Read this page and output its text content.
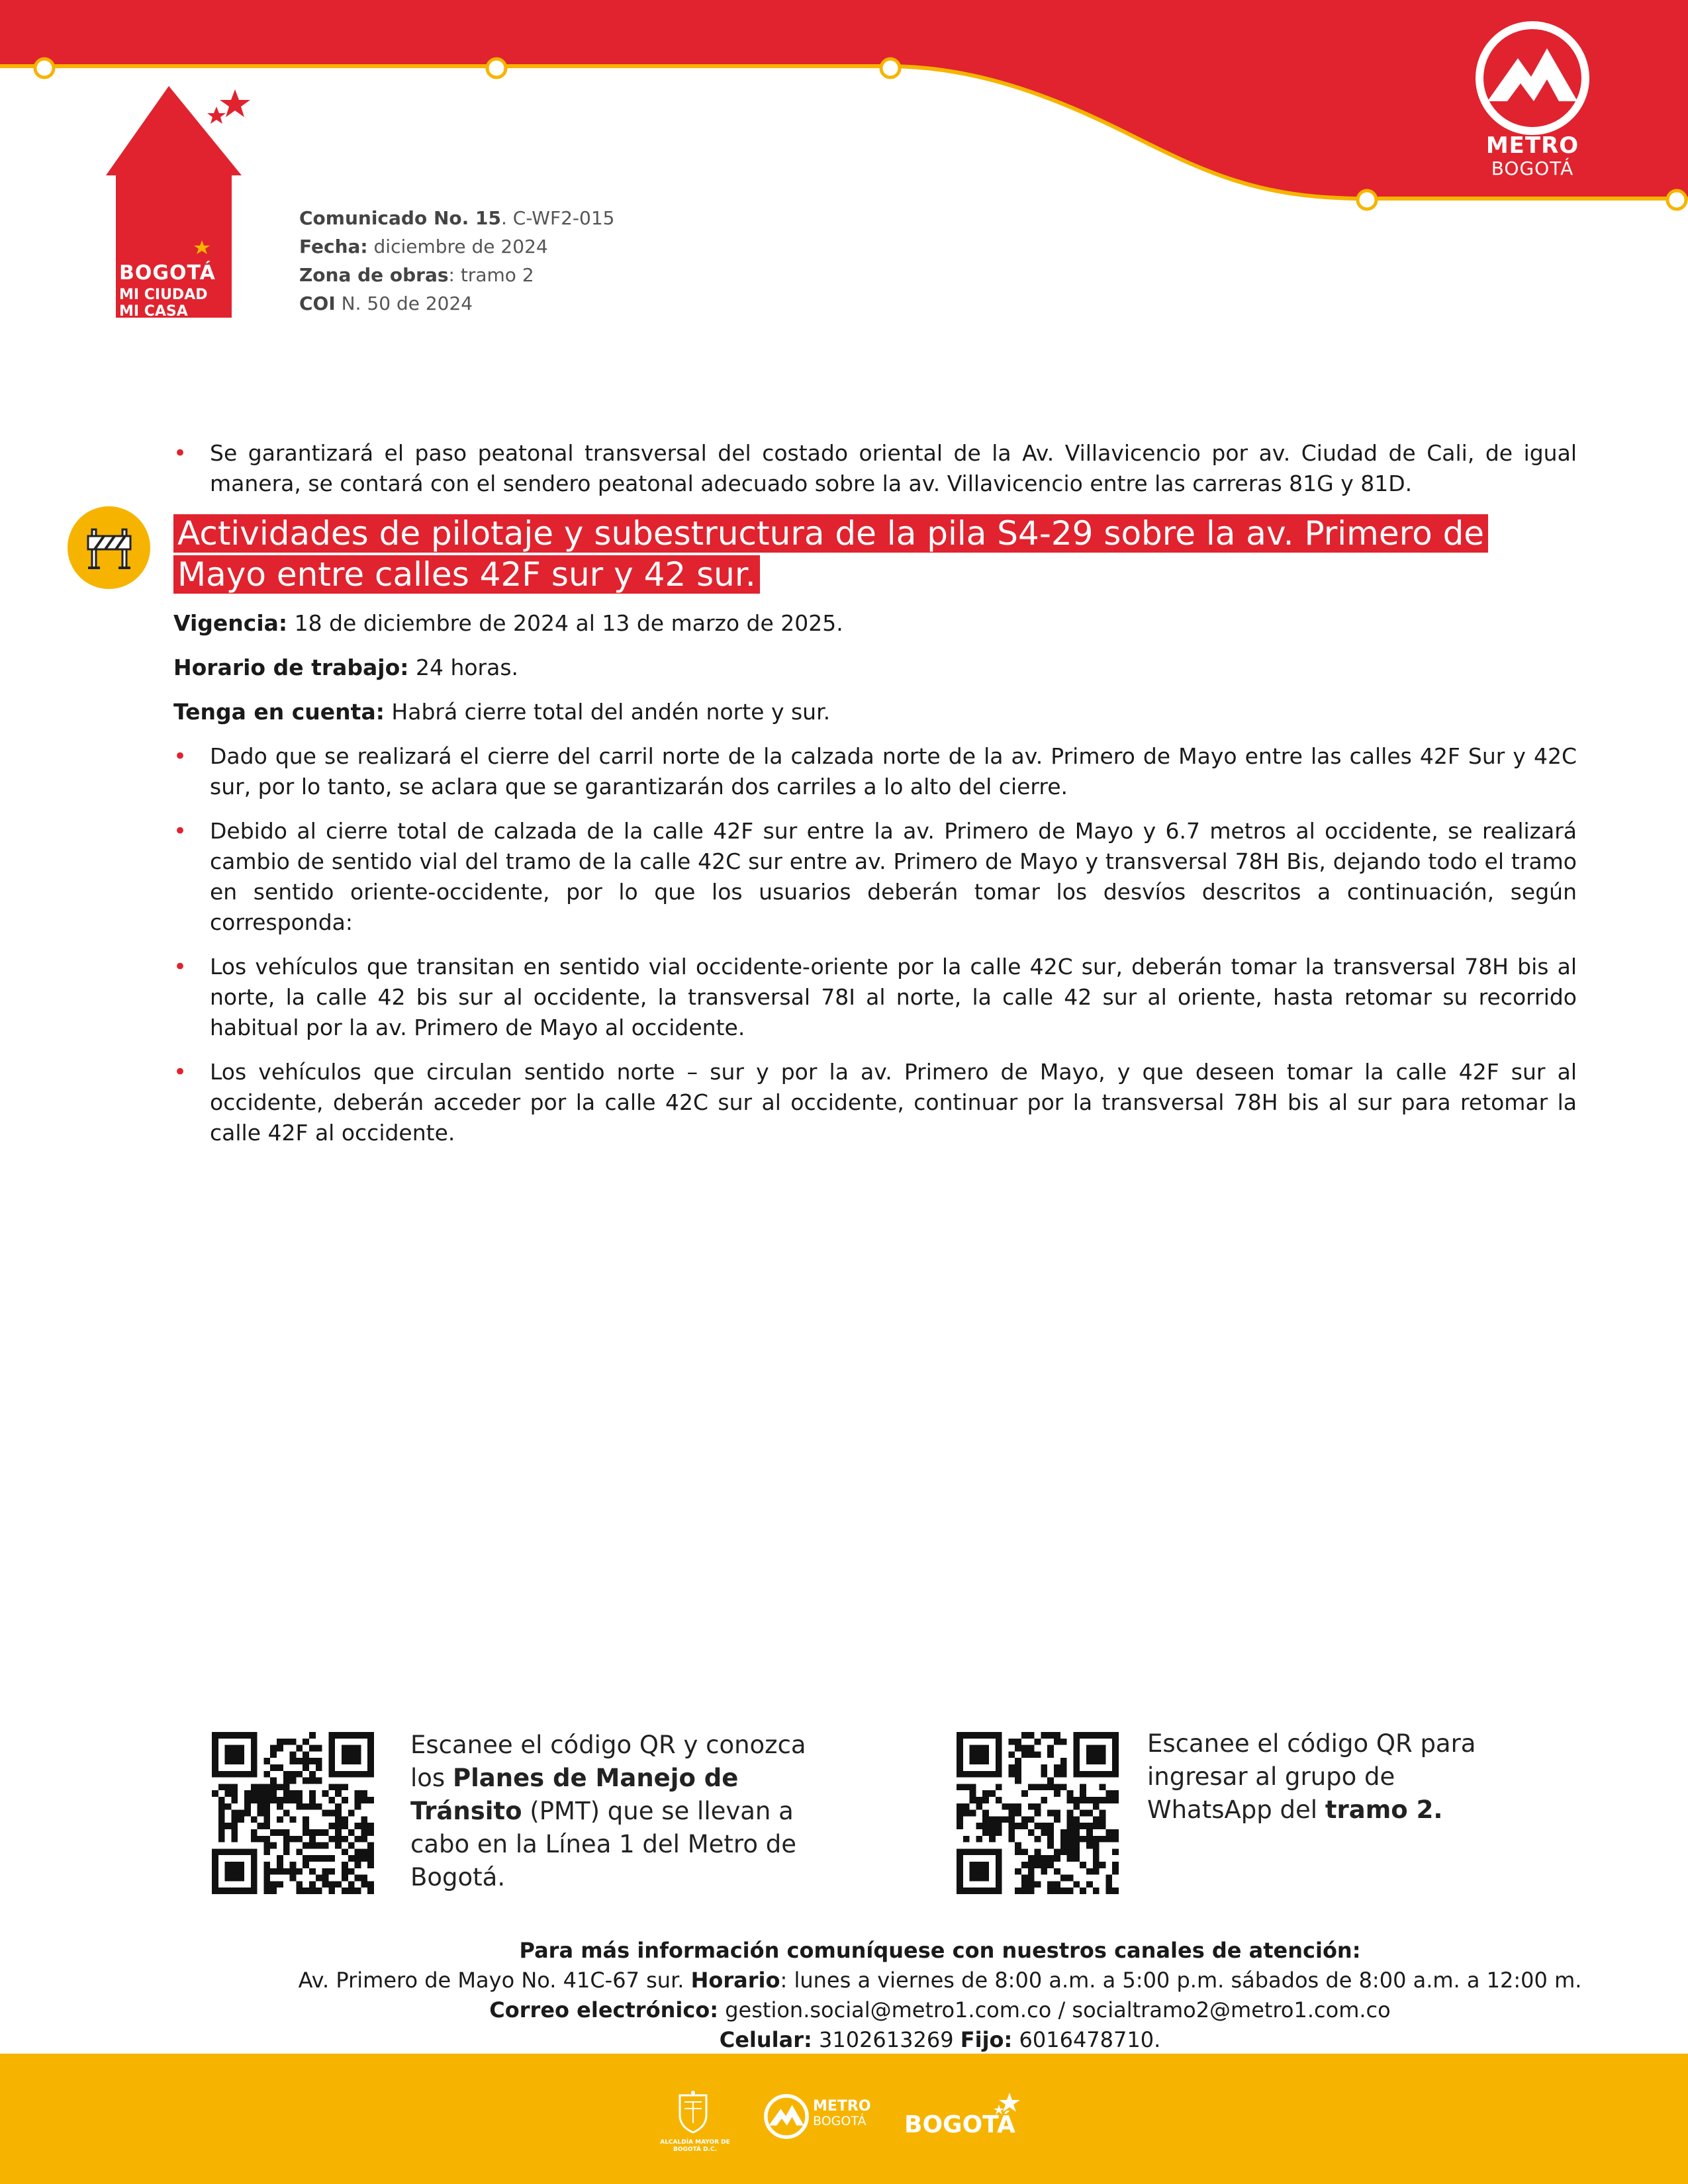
BOGOTÁ
MI CIUDAD
MI CASA
METRO
BOGOTÁ
Comunicado No. 15. C-WF2-015
Fecha: diciembre de 2024
Zona de obras: tramo 2
COI N. 50 de 2024
• Se garantizará el paso peatonal transversal del costado oriental de la Av. Villavicencio por av. Ciudad de Cali, de igual manera, se contará con el sendero peatonal adecuado sobre la av. Villavicencio entre las carreras 81G y 81D.
Actividades de pilotaje y subestructura de la pila S4-29 sobre la av. Primero de Mayo entre calles 42F sur y 42 sur.
Vigencia: 18 de diciembre de 2024 al 13 de marzo de 2025.
Horario de trabajo: 24 horas.
Tenga en cuenta: Habrá cierre total del andén norte y sur.
• Dado que se realizará el cierre del carril norte de la calzada norte de la av. Primero de Mayo entre las calles 42F Sur y 42C sur, por lo tanto, se aclara que se garantizarán dos carriles a lo alto del cierre.
• Debido al cierre total de calzada de la calle 42F sur entre la av. Primero de Mayo y 6.7 metros al occidente, se realizará cambio de sentido vial del tramo de la calle 42C sur entre av. Primero de Mayo y transversal 78H Bis, dejando todo el tramo en sentido oriente-occidente, por lo que los usuarios deberán tomar los desvíos descritos a continuación, según corresponda:
• Los vehículos que transitan en sentido vial occidente-oriente por la calle 42C sur, deberán tomar la transversal 78H bis al norte, la calle 42 bis sur al occidente, la transversal 78I al norte, la calle 42 sur al oriente, hasta retomar su recorrido habitual por la av. Primero de Mayo al occidente.
• Los vehículos que circulan sentido norte – sur y por la av. Primero de Mayo, y que deseen tomar la calle 42F sur al occidente, deberán acceder por la calle 42C sur al occidente, continuar por la transversal 78H bis al sur para retomar la calle 42F al occidente.
Escanee el código QR y conozca los Planes de Manejo de Tránsito (PMT) que se llevan a cabo en la Línea 1 del Metro de Bogotá.
Escanee el código QR para ingresar al grupo de WhatsApp del tramo 2.
Para más información comuníquese con nuestros canales de atención:
Av. Primero de Mayo No. 41C-67 sur. Horario: lunes a viernes de 8:00 a.m. a 5:00 p.m. sábados de 8:00 a.m. a 12:00 m.
Correo electrónico: gestion.social@metro1.com.co / socialtramo2@metro1.com.co
Celular: 3102613269 Fijo: 6016478710.
ALCALDÍA MAYOR DE BOGOTÁ D.C.
METRO
BOGOTÁ BOGOTÁ
